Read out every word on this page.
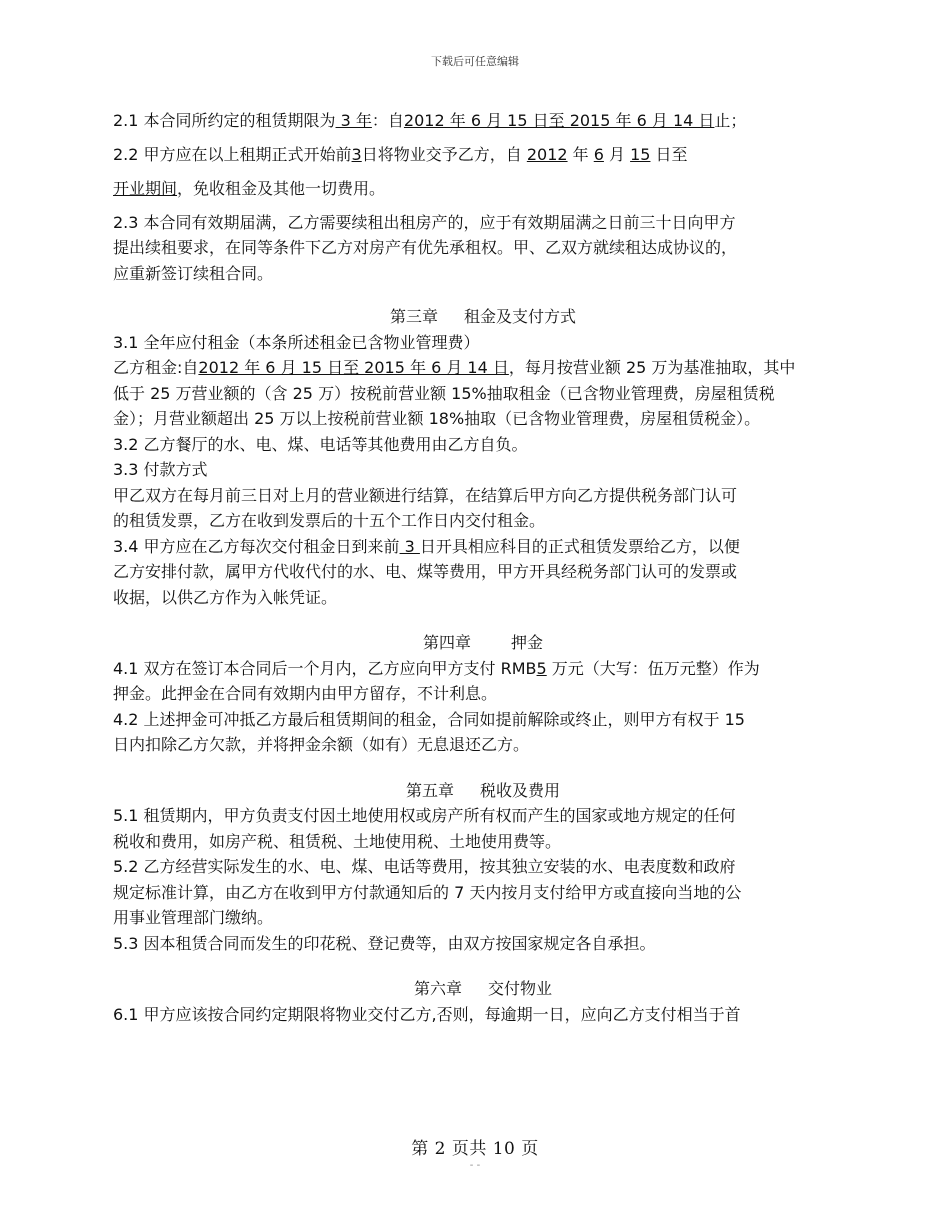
下载后可任意编辑
2.1 本合同所约定的租赁期限为 3 年：自2012 年 6 月 15 日至 2015 年 6 月 14 日止；
2.2 甲方应在以上租期正式开始前3日将物业交予乙方，自 2012 年 6 月 15 日至
开业期间，免收租金及其他一切费用。
2.3 本合同有效期届满，乙方需要续租出租房产的，应于有效期届满之日前三十日向甲方
提出续租要求，在同等条件下乙方对房产有优先承租权。甲、乙双方就续租达成协议的，
应重新签订续租合同。
第三章 租金及支付方式
3.1 全年应付租金（本条所述租金已含物业管理费）
乙方租金:自2012 年 6 月 15 日至 2015 年 6 月 14 日，每月按营业额 25 万为基准抽取，其中
低于 25 万营业额的（含 25 万）按税前营业额 15%抽取租金（已含物业管理费，房屋租赁税
金）；月营业额超出 25 万以上按税前营业额 18%抽取（已含物业管理费，房屋租赁税金）。
3.2 乙方餐厅的水、电、煤、电话等其他费用由乙方自负。
3.3 付款方式
甲乙双方在每月前三日对上月的营业额进行结算，在结算后甲方向乙方提供税务部门认可
的租赁发票，乙方在收到发票后的十五个工作日内交付租金。
3.4 甲方应在乙方每次交付租金日到来前 3 日开具相应科目的正式租赁发票给乙方，以便
乙方安排付款，属甲方代收代付的水、电、煤等费用，甲方开具经税务部门认可的发票或
收据，以供乙方作为入帐凭证。
第四章	押金
4.1 双方在签订本合同后一个月内，乙方应向甲方支付 RMB5 万元（大写：伍万元整）作为
押金。此押金在合同有效期内由甲方留存，不计利息。
4.2 上述押金可冲抵乙方最后租赁期间的租金，合同如提前解除或终止，则甲方有权于 15
日内扣除乙方欠款，并将押金余额（如有）无息退还乙方。
第五章 税收及费用
5.1 租赁期内，甲方负责支付因土地使用权或房产所有权而产生的国家或地方规定的任何
税收和费用，如房产税、租赁税、土地使用税、土地使用费等。
5.2 乙方经营实际发生的水、电、煤、电话等费用，按其独立安装的水、电表度数和政府
规定标准计算，由乙方在收到甲方付款通知后的 7 天内按月支付给甲方或直接向当地的公
用事业管理部门缴纳。
5.3 因本租赁合同而发生的印花税、登记费等，由双方按国家规定各自承担。
第六章 交付物业
6.1 甲方应该按合同约定期限将物业交付乙方,否则，每逾期一日，应向乙方支付相当于首
第 2 页共 10 页
- -
